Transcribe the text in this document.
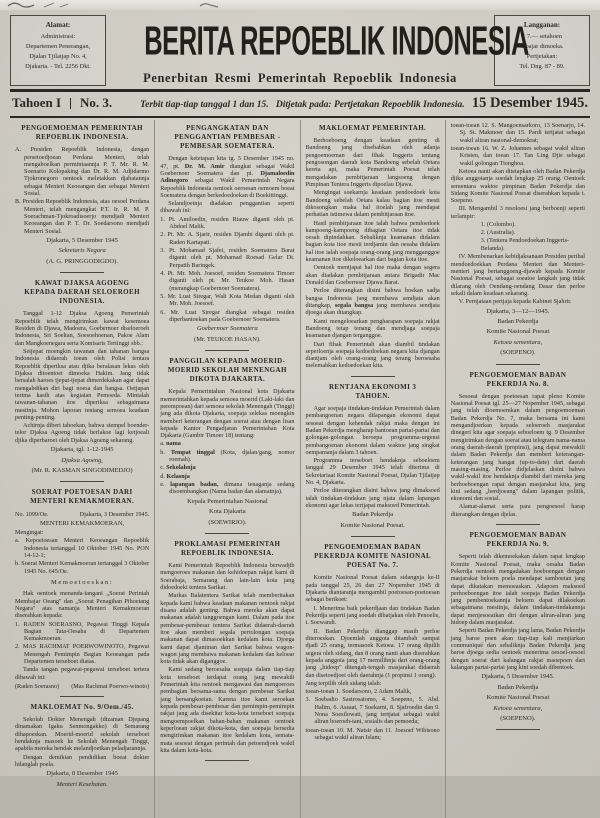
Alamat:
Administrasi:
Departemen Penerangan,
Djalan Tjilatjap No. 4,
Djakarta. - Tel. 2256 Dkt.
BERITA REPOEBLIK INDONESIA
Penerbitan Resmi Pemerintah Repoeblik Indonesia
Langganan:
ƒ 7.— setahoen
dibajar dimoeka.
Pertjetakan:
Tel. Dng. 87 - 89.
Tahoen I No. 3.	Terbit tiap-tiap tanggal 1 dan 15. Ditjetak pada: Pertjetakan Repoeblik Indonesia. 15 Desember 1945.
PENGOEMOEMAN PEMERINTAH REPOEBLIK INDONESIA.

A. Presiden Repoeblik Indonesia, dengan persetoedjoean Perdana Menteri, telah mengaboelkan permintaannja P. T. Mr. R. M. Soenario Kolopaking dan Dr. R. M. Adjidarmo Tjokronegoro oentoek meletakkan djabatannja sebagai Menteri Keoeangan dan sebagai Menteri Sosial.

B. Presiden Repoeblik Indonesia, atas oesoel Perdana Menteri, telah mengangkat P.T. Ir. R. M. P. Soerachman-Tjokroadisoerjo mendjadi Menteri Keoeangan dan P. T. Dr. Soedarsono mendjadi Menteri Sosial.

Djakarta, 5 Desember 1945
Sekretaris Negara
(A. G. PRINGGODIGDO).
KAWAT DJAKSA AGOENG KEPADA DAERAH SELOEROEH INDONESIA.

Tanggal 1-12 Djaksa Agoeng Pemerintah Repoeblik telah mengirimkan kawat kesemoea Residen di Djawa, Madoera, Goebernoer diseloeroeh Indonesia, Sri Soeltan, Soesoehoenan, Pakoe Alam dan Mangkoenegara serta Komisaris Tertinggi sbb.:

Setjepat moengkin tawanan dan tahanan bangsa Indonesia didaerah toean oleh Polisi tentara Repoeblik diperiksa atau djika beralasan lekas oleh Djaksa ditoentoet dimoeka Hakim. Jang tidak bersalah haroes tjepat-tjepat dimerdekakan agar dapat mengabdikan diri bagi noesa dan bangsa. Oetjapan terima kasih atas kegiatan Pemoeda. Mintalah tawanan-tahanan itoe diperiksa sebagaimana mestinja. Mohon laporan tentang semoea keadaan penting-penting.

Achirnja diberi tahoekan, bahwa stempel boender-telor Djaksa Agoeng tidak berlakoe lagi ketjoeali djika diperbaroei oleh Djaksa Agoeng sekarang.

Djakarta, tgl. 1-12-1945
Djaksa Agoeng,
(Mr. R. KASMAN SINGODIMEDJO)
SOERAT POETOESAN DARI MENTERI KEMAKMOERAN.
No. 1099/Oe.	Djakarta, 3 Desember 1945.
MENTERI KEMAKMOERAN,

Mengingat:

a. Kepoetoesan Menteri Keoeangan Repoeblik Indonesia tertanggal 10 Oktober 1945 No. PON 14-12-1;

b. Soerat Menteri Kemakmoeran tertanggal 3 Oktober 1945 No. 645/Oe.

Memoetoeskan:

Hak oentoek menanda-tangani „Soerat Perintah Membajar Oeang" dan „Soerat Penagihan Pihoetang Negara" atas namanja Menteri Kemakmoeran diserahkan kepada:

1. RADEN SOERASNO, Pegawai Tinggi Kepala Bagian Tata-Oesaha di Departemen Kemakmoeran.

2. MAS RACHMAT POERWOWINOTO, Pegawai Menengah Pemimpin Bagian Keoeangan pada Departemen terseboet diatas.

Tanda tangan pegawai-pegawai terseboet tertera dibawah ini:

(Raden Soerasno) (Mas Rachmat Poerwo-winoto)
MAKLOEMAT No. 9/Oem./45.

Sekolah Dokter Menengah (dizaman Djepang dinamakan Igaku Senmongakko) di Semarang dihapoeskan. Moerid-moerid sekolah terseboet hendaknja masoek ke Sekolah Menengah Tinggi, apabila mereka hendak melandjoetkan peladjarannja.

Dengan demikian pendidikan boeat dokter hilanglah poela.

Djakarta, 8 Desember 1945
Menteri Kesehatan.
PENGANGKATAN DAN PENGGANTIAN PEMBESAR - PEMBESAR SOEMATERA.

Dengan ketetapan kita tg. 5 Desember 1945 no. 47, pt. Dr. M. Amir diangkat sebagai Wakil Goebernoer Soematera dan pt. Djamaloedin Adinegoro sebagai Wakil Pemerintah Negara Repoeblik Indonesia oentoek oeroesan oemoem boeat Soematera dengan berkedoedoekan di Boekittinggi.

Selandjoetnja diadakan penggantian seperti dibawah ini:

1. Pt. Amiloedin, residen Riauw diganti oleh pt. Abdoel Malik.

2. Pt. Mr. A. Sjarir, residen Djambi diganti oleh pt. Raden Kartapati.

3. Pt. Mohamad Sjafei, residen Soematera Barat diganti oleh pt. Mohamad Roesad Gelar Dt. Perpatih Baringek.

4. Pt. Mr. Moh. Joesoef, residen Soematera Timoer diganti oleh pt. Mr. Teukoe Moh. Hasan (merangkap Goebernoer Soematera).

5. Mr. Luat Siregar, Wali Kota Medan diganti oleh Mr. Moh. Joesoef.

6. Mr. Luat Siregar diangkat sebagai residen diperbantoekan pada Goebernoer Soematera.

Goebernoer Soematera
(Mr. TEUKOE HASAN).
PANGGILAN KEPADA MOERID-MOERID SEKOLAH MENENGAH DIKOTA DJAKARTA.

Kepala Pemerintahan Nasional kota Djakarta memerintahkan kepada semoea moerid (Laki-laki dan perempoean) dari semoea sekolah Menengah (Tinggi) jang ada dikota Djakarta, soepaja selekas moengkin memberi keterangan dengan soerat atau dengan lisan kepada Kantor Pengadjaran Pemerintahan Kota Djakarta (Gambir Timoer 18) tentang:

a. nama

b. Tempat tinggal (Kota, djalan/gang, nomor roemah).

c. Sekolahnja

d. Kelasnja

e. lapangan badan, dimana tenaganja sedang disoembangkan (Nama badan dan alamatnja).

Kepala Pemerintahan Nasional
Kota Djakarta
(SOEWIRJO).
PROKLAMASI PEMERINTAH REPOEBLIK INDONESIA.

Kami Pemerintah Repoeblik Indonesia berwadjib mengoeroes makanan dan kehidoepan rakjat kami di Soerabaja, Semarang dan lain-lain kota jang didoedoeki tentera Sarikat.

Markas Balatentera Sarikat telah memberitakan kepada kami bahwa keadaan makanan oentoek rakjat disana adalah genting. Bahwa mereka akan dapat makanan adalah tanggoengan kami. Dalam pada itoe pembesar-pembesar tentera Sarikat didaerah-daerah itoe akan memberi segala pertolongan soepaja makanan dapat dimasoekkan kedalam kota. Djoega kami dapat djaminan dari Sarikat bahwa wagon-wagon jang membawa makanan kedalam dan keloear kota tidak akan diganggoe.

Kami sedang beroesaha soepaja dalam tiap-tiap kota terseboet terdapat orang jang mewakili Pemerintah kita oentoek mengawasi dan mengoeroes pembagian bersama-sama dengan pembesar Sarikat jang bersangkoetan. Karena itoe kami seroekan kepada pembesar-pembesar dan pemimpin-pemimpin rakjat jang ada disekitar kota-kota terseboet soepaja mengoempoelkan bahan-bahan makanan oentoek keperloean rakjat dikota-kota, dan soepaja bersedia mengirimkan makanan itoe kedalam kota, semata-mata sesoeai dengan perintah dan petoendjoek wakil kita dalam kota-kota.

MAKLOEMAT PEMERINTAH.

Berhoeboeng dengan keadaan genting di Bandoeng jang disebabkan oleh adanja pengoemoeman dari fihak Inggeris tentang pengosongan daerah kota Bandoeng sebelah Oetara kereta api, maka Pemerintah Poesat telah mengadakan pembitjaraan langsoeng dengan Pimpinan Tentera Inggeris dipoelau Djawa.

Mengingat soekarnja keadaan pendoedoek kota Bandoeng sebelah Oetara kalau bagian itoe mesti dikosongkan maka hal itoelah jang mendapat perhatian istimewa dalam pembitjaraan itoe.

Hasil pembitjaraan itoe ialah bahwa pendoedoek kampoeng-kampoeng dibagian Oetara itoe tidak oesah dipindahkan. Sebaliknja keamanan didalam bagian kota itoe mesti terdjamin dan oesaha didalam hal itoe ialah soepaja orang-orang jang mengganggoe keamanan itoe dikeloearkan dari bagian kota itoe.

Oentoek mentjapai hal itoe maka dengan segera akan diadakan pembitjaraan antara Brigadir Mac Donald dan Goebernoer Djawa Barat.

Perloe diterangkan disini bahwa boekan sadja bangsa Indonesia jang membawa sendjata akan ditangkap, segala bangsa jang membawa sendjata djoega akan ditangkap.

Kami mengeloearkan pengharapan soepaja rakjat Bandoeng tetap tenang dan mendjaga soepaja keamanan djangan terganggoe.

Dari fihak Pemerintah akan diambil tindakan seperloenja soepaja kedoedoekan negara kita djangan diantjam oleh orang-orang jang terang beroesaha melemahkan kedoedoekan kita.

RENTJANA EKONOMI 3 TAHOEN.

Agar soepaja tindakan-tindakan Pemerintah dalam pembangoenan negara dilapangan ekonomi dapat sesoeai dengan kehendak rakjat maka dengan ini Badan Pekerdja mengharap bantoean partai-partai dan golongan-golongan beroepa programma-urgensi pembangoenan ekonomi dalam waktoe jang singkat oempamanja dalam 3 tahoen.

Programma terseboet hendaknja seboeloem tanggal 29 Desember 1945 telah diterima di Sekretariaat Komite Nasional Poesat, Djalan Tjilatjap No. 4, Djakarta.

Perloe diterangkan disini bahwa jang dimaksoed ialah tindakan-tindakan jang njata dalam lapangan ekonomi agar lekas tertjapai maksoed Pemerintah.

Badan Pekerdja
Komite Nasional Poesat.
PENGOEMOEMAN BADAN PEKERDJA KOMITE NASIONAL POESAT No. 7.

Komite Nasional Poesat dalam sidangnja ke-II pada tanggal 25, 26 dan 27 Nopember 1945 di Djakarta diantaranja mengambil poetoesan-poetoesan sebagai berikoet:

I. Menerima baik pekerdjaan dan tindakan Badan Pekerdja seperti jang soedah dibatjakan oleh Penoelis, t. Soewandi.

II. Badan Pekerdja dianggap masih perloe diteroeskan. Djoemlah anggota ditambah sampai djadi 25 orang, termasoek Ketoea. 17 orang dipilih segera oleh sidang, dan 8 orang nanti akan diserahkan kepada anggota jang 17 memilihnja dari orang-orang jang „hidoep" ditengah-tengah masjarakat didaerah dan disetoedjoei oleh daerahnja (1 propinsi 1 orang).

Jang terpilih oleh sidang ialah:

toean-toean 1. Soedarsono, 2 Adam Malik,

3. Soebadio Sastrosatomo, 4. Soepeno, 5. Abd. Halim, 6. Assaat, 7 Soekarni, 8. Sjafroedin dan 9. Nona Soesilowati, jang tertjatat sebagai wakil aliran boeroeh-tani, sosialis dan pemoeda;

toean-toean 10. M. Natsir dan 11. Joesoef Wibisono sebagai wakil aliran Islam;

toean-toean 12. S. Mangoensarkoro, 13 Soenarjo, 14. Sj. St. Makmoer dan 15. Pardi tertjatat sebagai wakil aliran nasional-demokrat;

toean-toean 16. W. Z. Johannes sebagai wakil aliran Kristen, dan toean 17. Tan Ling Djie sebagai wakil golongan Tionghoa.

Ketoea nanti akan ditetapkan oleh Badan Pekerdja djika anggotanja soedah lengkap 25 orang. Oentoek sementara waktoe pimpinan Badan Pekerdja dan Sidang Komite Nasional Poesat diserahkan kepada t. Soepeno.

III. Mengambil 3 resoloesi jang berboenji seperti terlampir:

1. (Colombo).

2. (Australia).

3. (Tentera Pendoedoekan Inggeris-Belanda).

IV. Membenarkan kebidjaksanaan Presiden perihal mendoedoekkan Perdana Menteri dan Menteri-menteri jang bertanggoeng-djawab kepada Komite Nasional Poesat, sebagai soeatoe langkah jang tidak dilarang oleh Oendang-oendang Dasar dan perloe sekali dalam keadaan sekarang.

V. Pernjataan pertjaja kepada Kabinet Sjahrir.

Djakarta, 3—12—1945.
Badan Pekerdja
Komite Nasional Poesat
Ketoea sementara,
(SOEPENO).
PENGOEMOEMAN BADAN PEKERDJA No. 8.

Sesoeai dengan poetoesan rapat pleno Komite Nasional Poesat tgl. 25—27 Nopember 1945, sebagai jang telah dioemoemkan dalam pengoemoeman Badan Pekerdja No. 7, maka bersama ini kami mengandjoerkan kepada seloeroeh masjarakat dinegeri kita agar soepaja seboeloem tg. 9 Desember mengirimkan dengan soerat atau telegram nama-nama orang daerah-daerah (propinsi), jang dapat mewakili dalam Badan Pekerdja dan memberi keterangan-keterangan jang hangat (up-to-date) dari daerah masing-masing. Perloe didjelaskan disini bahwa wakil-wakil itoe hendaknja diambil dari mereka jang berhoeboengan rapat dengan masjarakat kita, jang kini sedang „berdjoeang" dalam lapangan politik, ekonomi dan sosial.

Alamat-alamat serta para pengoesoel harap diterangkan dengan djelas.

PENGOEMOEMAN BADAN PEKERDJA No. 9.

Seperti telah dikemoekakan dalam rapat lengkap Komite Nasional Poesat, maka oesaha Badan Pekerdja oentoek mengadakan hoeboengan dengan masjarakat beloem poela mendapat samboetan jang dapat dikatakan memoeaskan. Adapoen maksoed perhoeboengan itoe ialah soepaja Badan Pekerdja jang pembentoekannja beloem dapat dilakoekan sebagaimana mestinja, dalam tindakan-tindakannja dapat menjesoeaikan diri dengan aliran-aliran jang hidoep dalam masjarakat.

Seperti Badan Pekerdja jang lama, Badan Pekerdja jang baroe poen akan tiap-tiap kali menjiarkan communiqué dan sebaliknja Badan Pekerdja jang baroe djoega sedia oentoek menerima oesoel-oesoel dengan soerat dari kalangan rakjat maoepoen dari kalangan partai-partai jang kini soedah dibentoek.

Djakarta, 5 Desember 1945.
Badan Pekerdja
Komite Nasional Poesat
Ketoea sementara,
(SOEPENO).
